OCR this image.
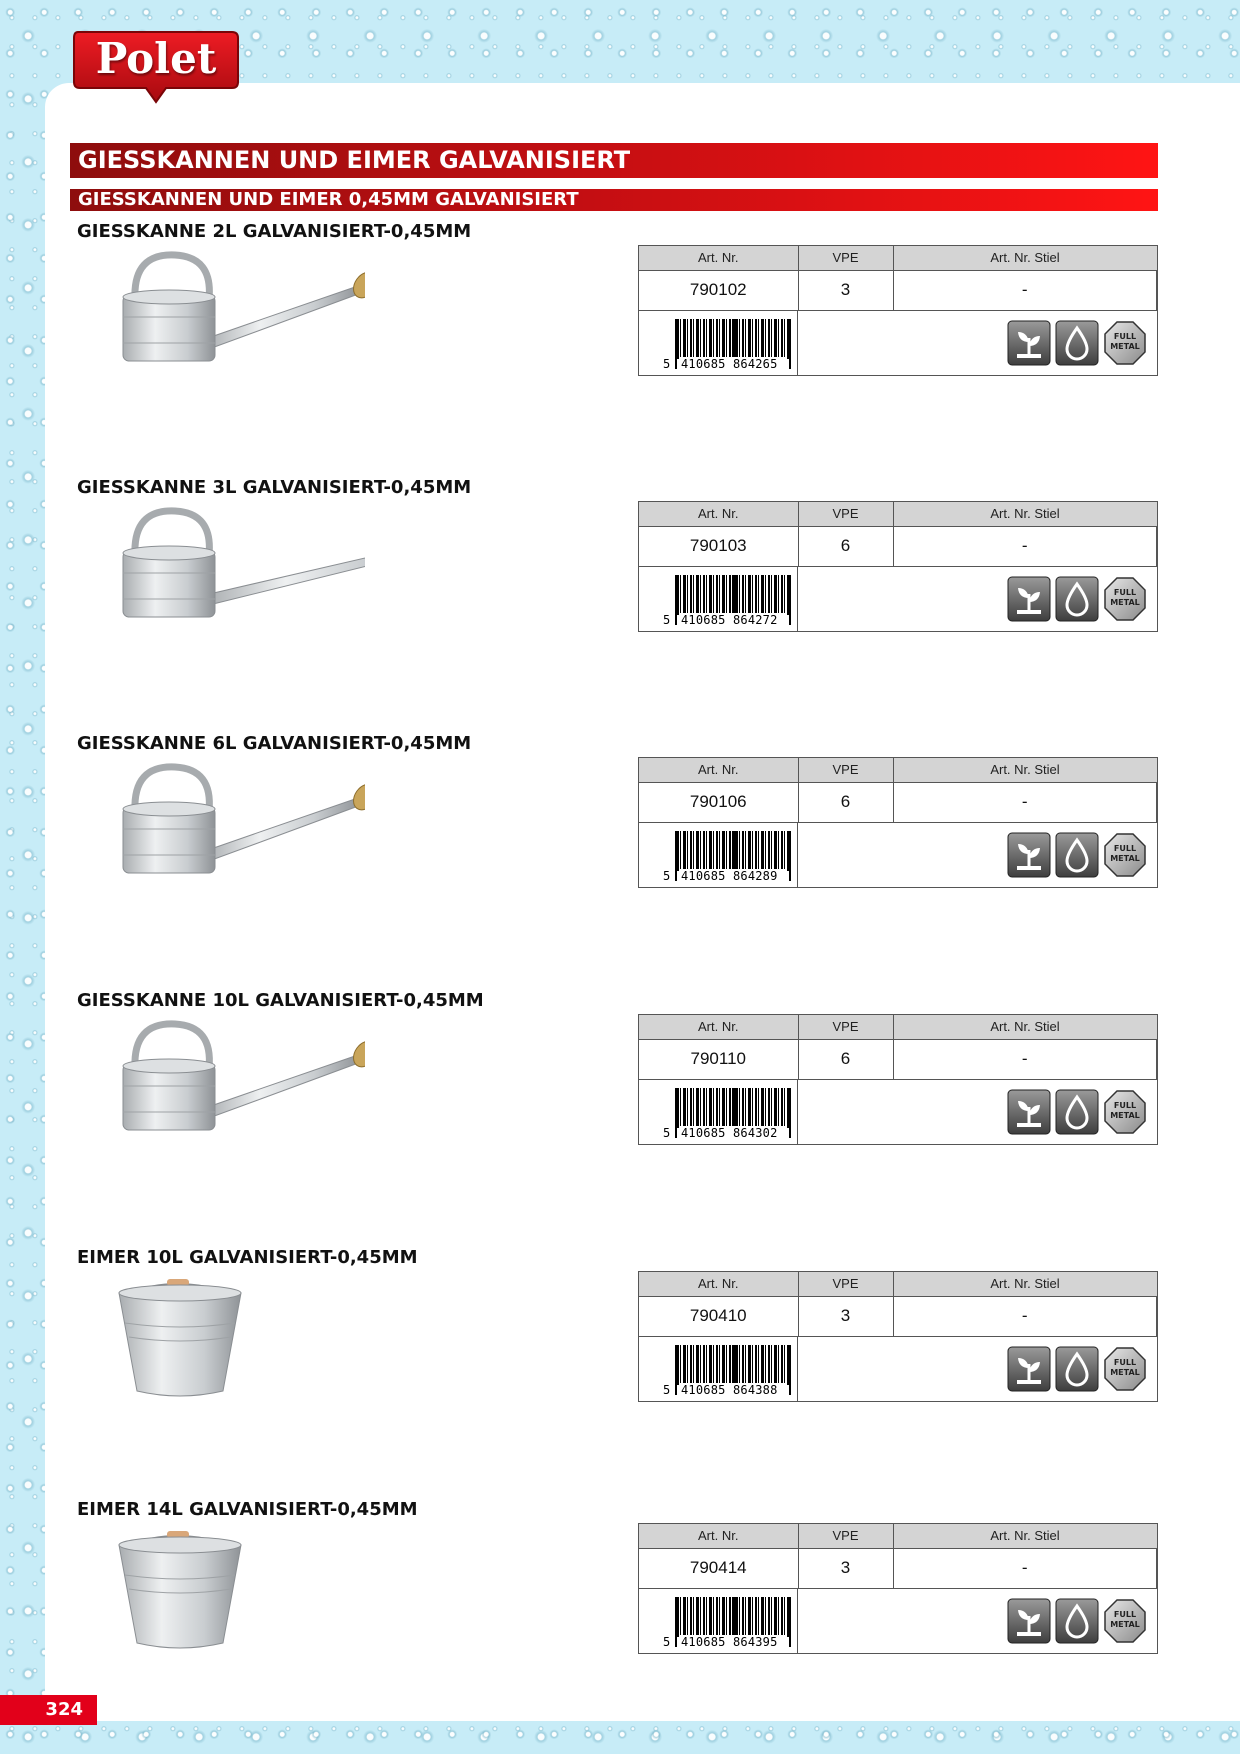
Polet
GIESSKANNEN UND EIMER GALVANISIERT
GIESSKANNEN UND EIMER 0,45MM GALVANISIERT
GIESSKANNE 2L GALVANISIERT-0,45MM
Art. Nr.	VPE	Art. Nr. Stiel
790102	3	-
5 410685 864265
FULL
METAL
GIESSKANNE 3L GALVANISIERT-0,45MM
Art. Nr.	VPE	Art. Nr. Stiel
790103	6	-
5 410685 864272
FULL
METAL
GIESSKANNE 6L GALVANISIERT-0,45MM
Art. Nr.	VPE	Art. Nr. Stiel
790106	6	-
5 410685 864289
FULL
METAL
GIESSKANNE 10L GALVANISIERT-0,45MM
Art. Nr.	VPE	Art. Nr. Stiel
790110	6	-
5 410685 864302
FULL
METAL
EIMER 10L GALVANISIERT-0,45MM
Art. Nr.	VPE	Art. Nr. Stiel
790410	3	-
5 410685 864388
FULL
METAL
EIMER 14L GALVANISIERT-0,45MM
Art. Nr.	VPE	Art. Nr. Stiel
790414	3	-
5 410685 864395
FULL
METAL
324
